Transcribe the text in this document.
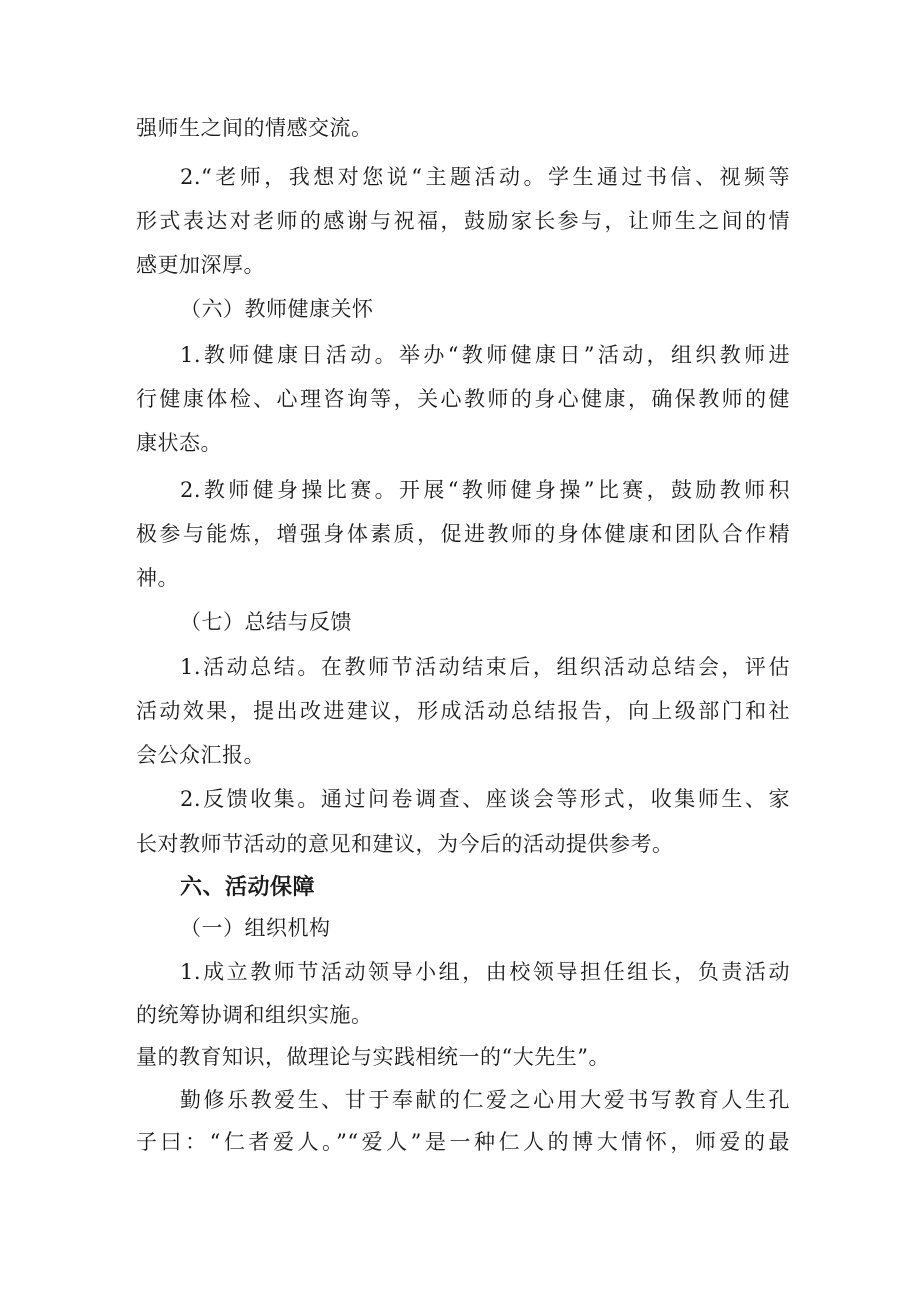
强师生之间的情感交流。
2.“老师，我想对您说“主题活动。学生通过书信、视频等
形式表达对老师的感谢与祝福，鼓励家长参与，让师生之间的情
感更加深厚。
（六）教师健康关怀
1.教师健康日活动。举办“教师健康日”活动，组织教师进
行健康体检、心理咨询等，关心教师的身心健康，确保教师的健
康状态。
2.教师健身操比赛。开展“教师健身操”比赛，鼓励教师积
极参与能炼，增强身体素质，促进教师的身体健康和团队合作精
神。
（七）总结与反馈
1.活动总结。在教师节活动结束后，组织活动总结会，评估
活动效果，提出改进建议，形成活动总结报告，向上级部门和社
会公众汇报。
2.反馈收集。通过问卷调查、座谈会等形式，收集师生、家
长对教师节活动的意见和建议，为今后的活动提供参考。
六、活动保障
（一）组织机构
1.成立教师节活动领导小组，由校领导担任组长，负责活动
的统筹协调和组织实施。
量的教育知识，做理论与实践相统一的“大先生”。
勤修乐教爱生、甘于奉献的仁爱之心用大爱书写教育人生孔
子曰：“仁者爱人。”“爱人”是一种仁人的博大情怀，师爱的最
